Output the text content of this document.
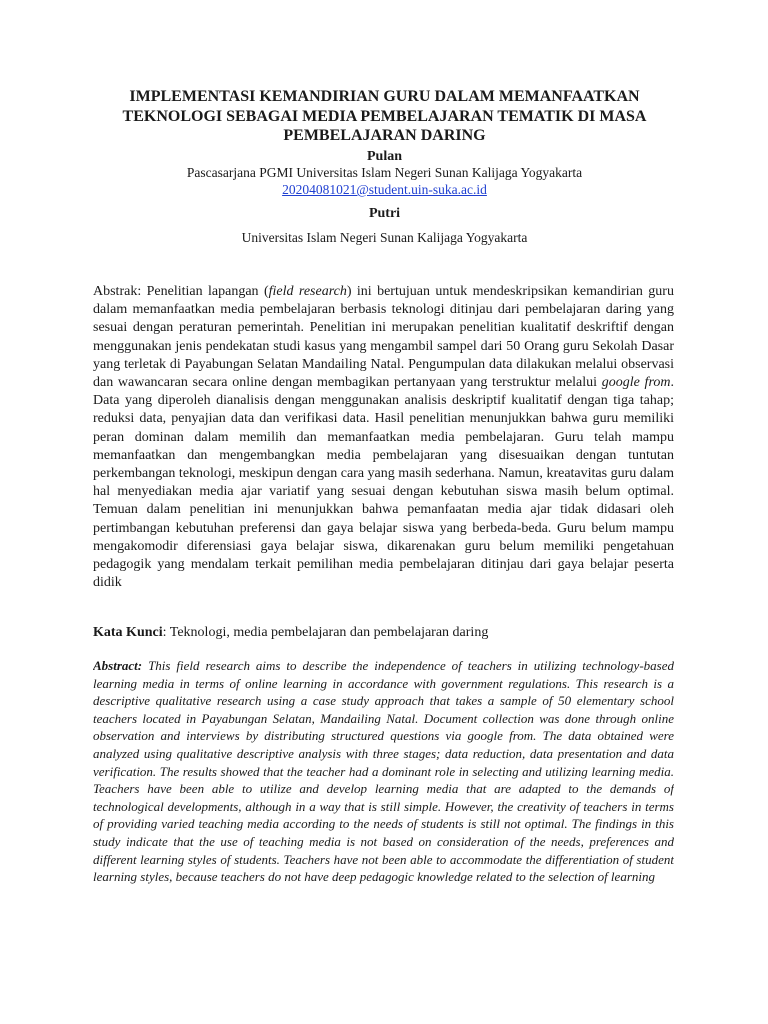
IMPLEMENTASI KEMANDIRIAN GURU DALAM MEMANFAATKAN TEKNOLOGI SEBAGAI MEDIA PEMBELAJARAN TEMATIK DI MASA PEMBELAJARAN DARING
Pulan
Pascasarjana PGMI Universitas Islam Negeri Sunan Kalijaga Yogyakarta
20204081021@student.uin-suka.ac.id
Putri
Universitas Islam Negeri Sunan Kalijaga Yogyakarta

Abstrak: Penelitian lapangan (field research) ini bertujuan untuk mendeskripsikan kemandirian guru dalam memanfaatkan media pembelajaran berbasis teknologi ditinjau dari pembelajaran daring yang sesuai dengan peraturan pemerintah. Penelitian ini merupakan penelitian kualitatif deskriftif dengan menggunakan jenis pendekatan studi kasus yang mengambil sampel dari 50 Orang guru Sekolah Dasar yang terletak di Payabungan Selatan Mandailing Natal. Pengumpulan data dilakukan melalui observasi dan wawancaran secara online dengan membagikan pertanyaan yang terstruktur melalui google from. Data yang diperoleh dianalisis dengan menggunakan analisis deskriptif kualitatif dengan tiga tahap; reduksi data, penyajian data dan verifikasi data. Hasil penelitian menunjukkan bahwa guru memiliki peran dominan dalam memilih dan memanfaatkan media pembelajaran. Guru telah mampu memanfaatkan dan mengembangkan media pembelajaran yang disesuaikan dengan tuntutan perkembangan teknologi, meskipun dengan cara yang masih sederhana. Namun, kreatavitas guru dalam hal menyediakan media ajar variatif yang sesuai dengan kebutuhan siswa masih belum optimal. Temuan dalam penelitian ini menunjukkan bahwa pemanfaatan media ajar tidak didasari oleh pertimbangan kebutuhan preferensi dan gaya belajar siswa yang berbeda-beda. Guru belum mampu mengakomodir diferensiasi gaya belajar siswa, dikarenakan guru belum memiliki pengetahuan pedagogik yang mendalam terkait pemilihan media pembelajaran ditinjau dari gaya belajar peserta didik

Kata Kunci: Teknologi, media pembelajaran dan pembelajaran daring

Abstract: This field research aims to describe the independence of teachers in utilizing technology-based learning media in terms of online learning in accordance with government regulations. This research is a descriptive qualitative research using a case study approach that takes a sample of 50 elementary school teachers located in Payabungan Selatan, Mandailing Natal. Document collection was done through online observation and interviews by distributing structured questions via google from. The data obtained were analyzed using qualitative descriptive analysis with three stages; data reduction, data presentation and data verification. The results showed that the teacher had a dominant role in selecting and utilizing learning media. Teachers have been able to utilize and develop learning media that are adapted to the demands of technological developments, although in a way that is still simple. However, the creativity of teachers in terms of providing varied teaching media according to the needs of students is still not optimal. The findings in this study indicate that the use of teaching media is not based on consideration of the needs, preferences and different learning styles of students. Teachers have not been able to accommodate the differentiation of student learning styles, because teachers do not have deep pedagogic knowledge related to the selection of learning
